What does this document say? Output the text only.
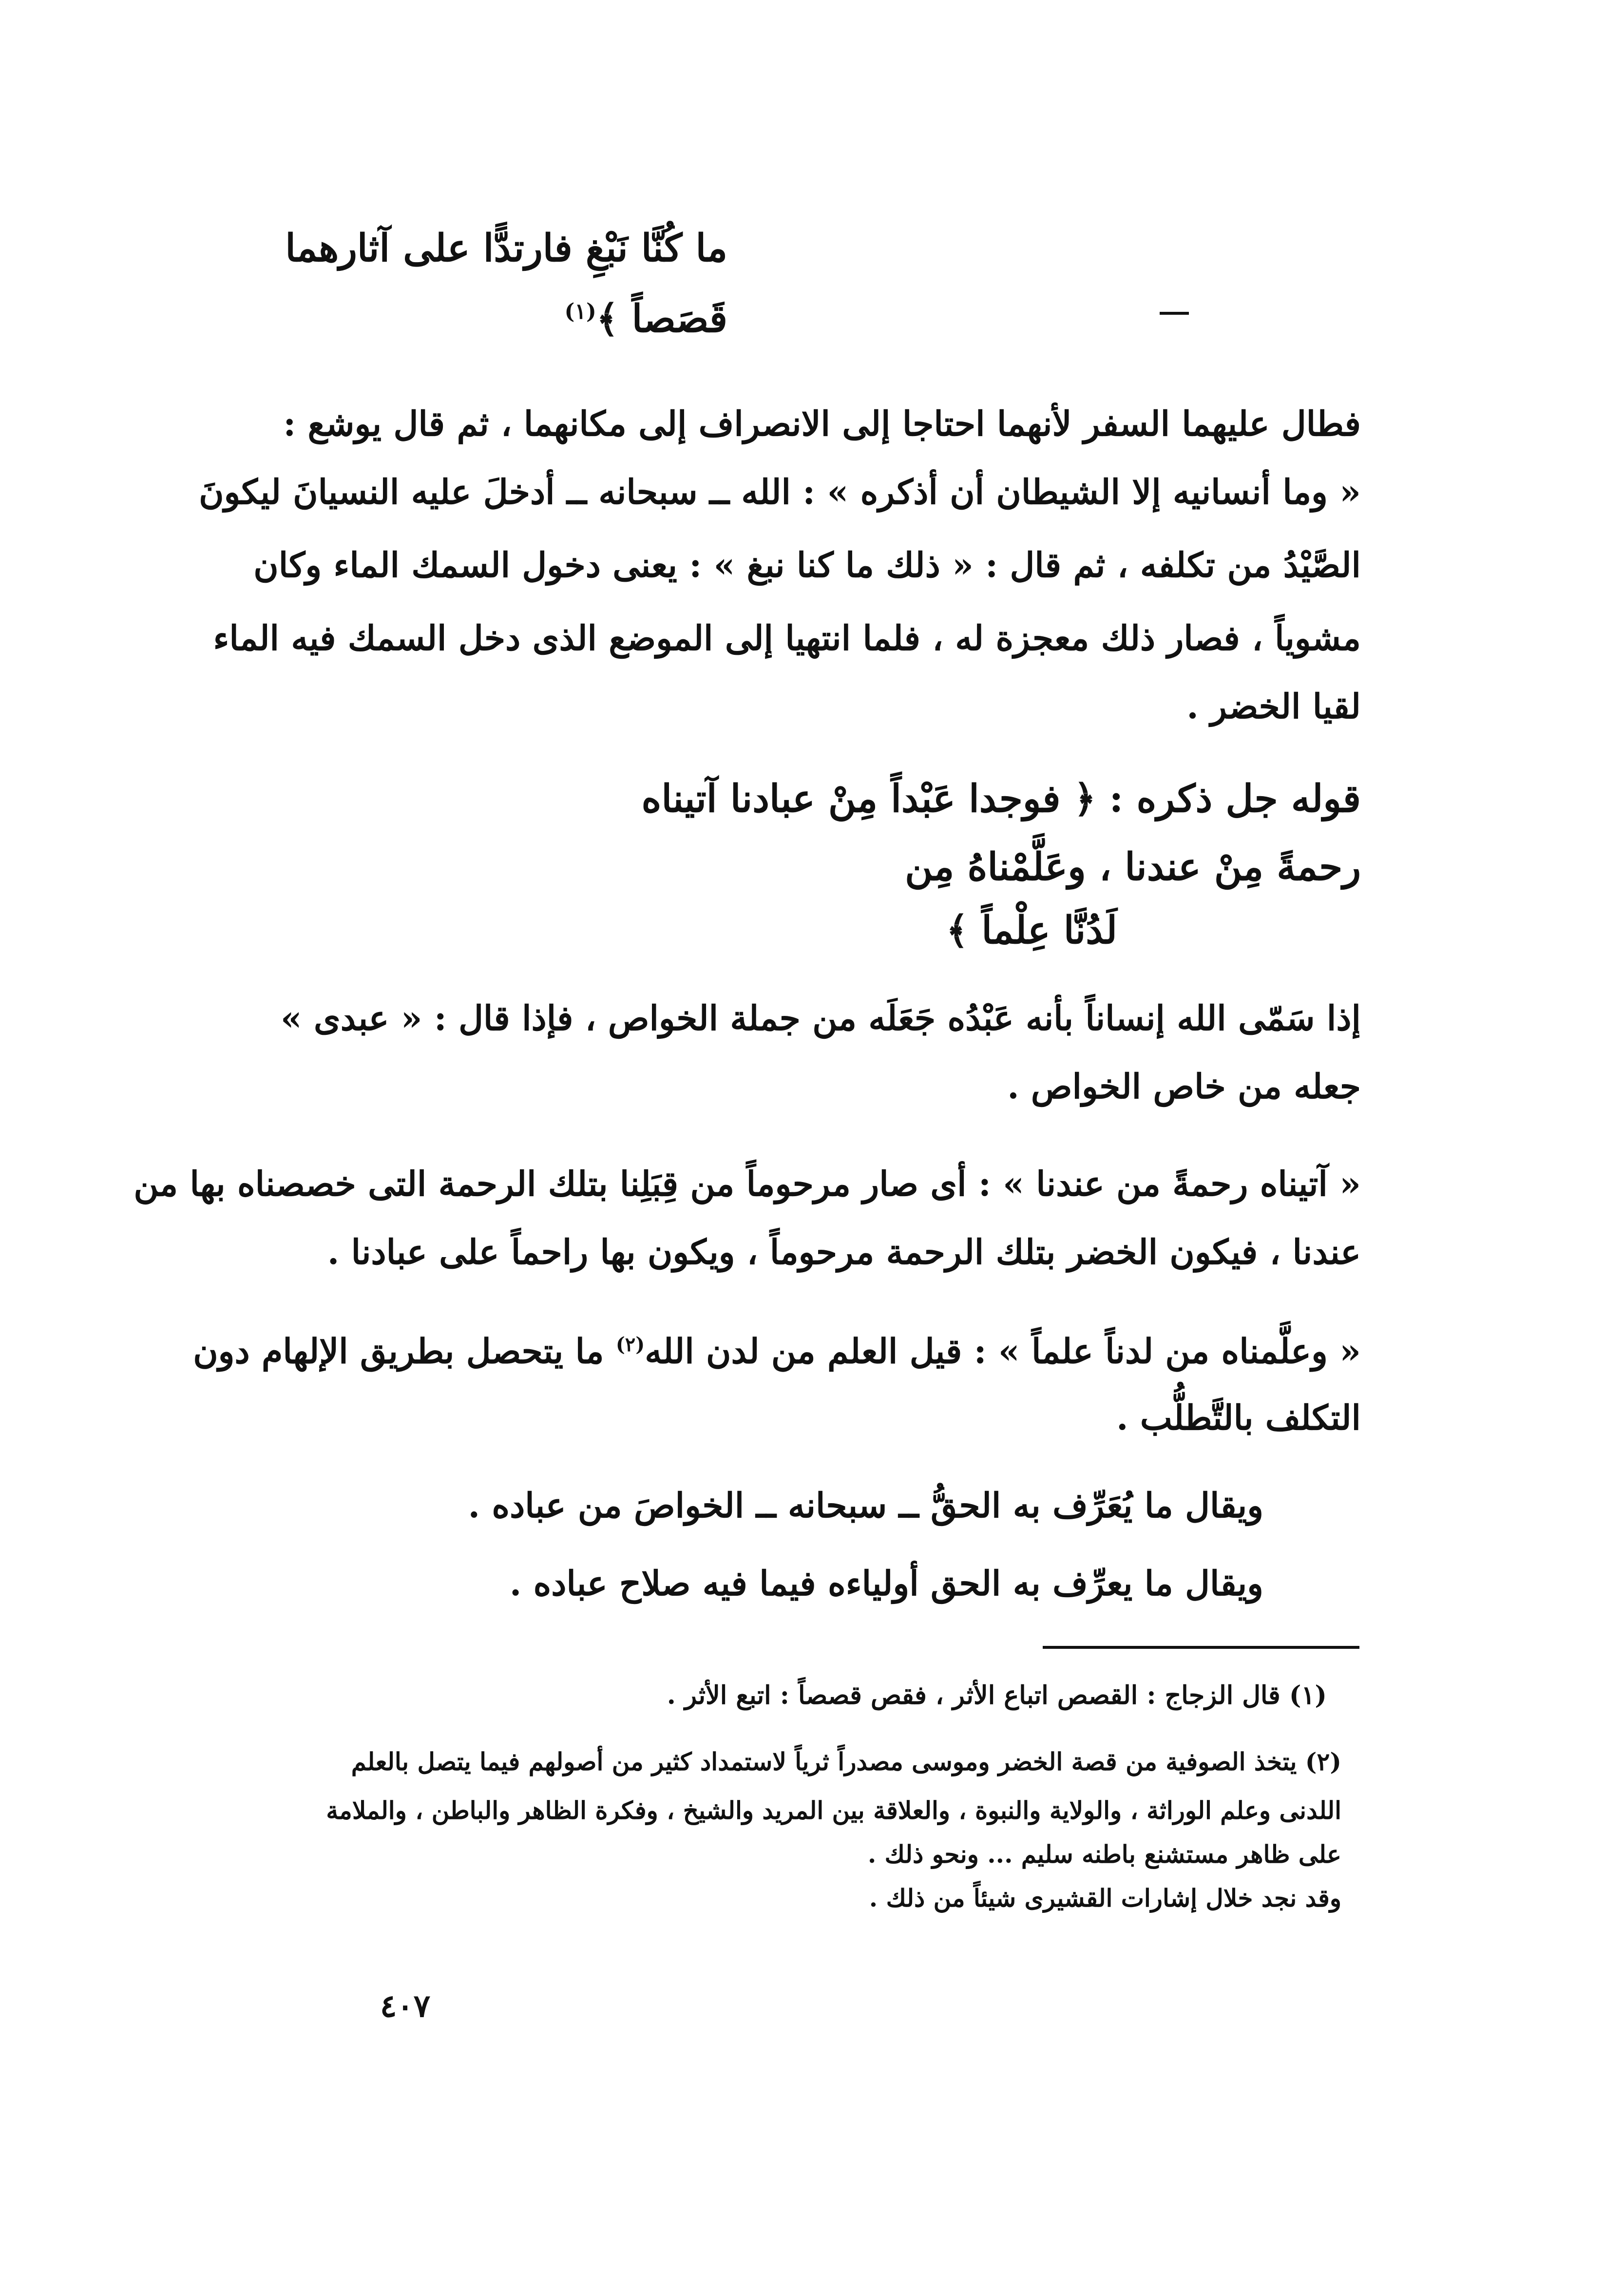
ما كُنَّا نَبْغِ فارتدًّا على آثارهما
قَصَصاً ﴾$^{(١)}$
فطال عليهما السفر لأنهما احتاجا إلى الانصراف إلى مكانهما ، ثم قال يوشع :
« وما أنسانيه إلا الشيطان أن أذكره » : الله ــ سبحانه ــ أدخلَ عليه النسيانَ ليكونَ
الصَّيْدُ من تكلفه ، ثم قال : « ذلك ما كنا نبغ » : يعنى دخول السمك الماء وكان
مشوياً ، فصار ذلك معجزة له ، فلما انتهيا إلى الموضع الذى دخل السمك فيه الماء
لقيا الخضر .
قوله جل ذكره : ﴿ فوجدا عَبْداً مِنْ عبادنا آتيناه
رحمةً مِنْ عندنا ، وعَلَّمْناهُ مِن
لَدُنَّا عِلْماً ﴾
إذا سَمّى الله إنساناً بأنه عَبْدُه جَعَلَه من جملة الخواص ، فإذا قال : « عبدى »
جعله من خاص الخواص .
« آتيناه رحمةً من عندنا » : أى صار مرحوماً من قِبَلِنا بتلك الرحمة التى خصصناه بها من
عندنا ، فيكون الخضر بتلك الرحمة مرحوماً ، ويكون بها راحماً على عبادنا .
« وعلَّمناه من لدناً علماً » : قيل العلم من لدن الله$^{(٢)}$ ما يتحصل بطريق الإلهام دون
التكلف بالتَّطلُّب .
ويقال ما يُعَرِّف به الحقُّ ــ سبحانه ــ الخواصَ من عباده .
ويقال ما يعرِّف به الحق أولياءه فيما فيه صلاح عباده .
(١) قال الزجاج : القصص اتباع الأثر ، فقص قصصاً : اتبع الأثر .
(٢) يتخذ الصوفية من قصة الخضر وموسى مصدراً ثرياً لاستمداد كثير من أصولهم فيما يتصل بالعلم
اللدنى وعلم الوراثة ، والولاية والنبوة ، والعلاقة بين المريد والشيخ ، وفكرة الظاهر والباطن ، والملامة
على ظاهر مستشنع باطنه سليم ... ونحو ذلك .
وقد نجد خلال إشارات القشيرى شيئاً من ذلك .
٤٠٧
